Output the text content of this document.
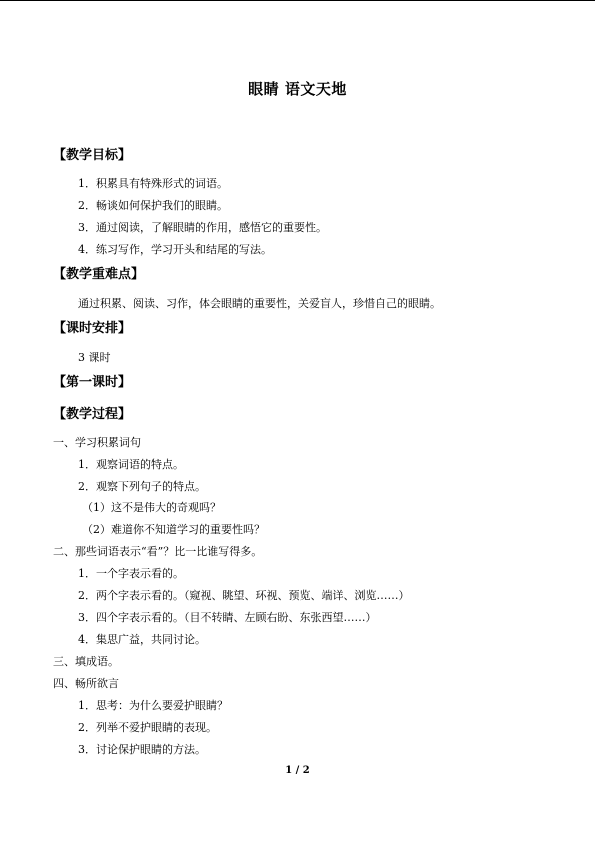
眼睛 语文天地
【教学目标】
1．积累具有特殊形式的词语。
2．畅谈如何保护我们的眼睛。
3．通过阅读，了解眼睛的作用，感悟它的重要性。
4．练习写作，学习开头和结尾的写法。
【教学重难点】
通过积累、阅读、习作，体会眼睛的重要性，关爱盲人，珍惜自己的眼睛。
【课时安排】
3 课时
【第一课时】
【教学过程】
一、学习积累词句
1．观察词语的特点。
2．观察下列句子的特点。
（1）这不是伟大的奇观吗？
（2）难道你不知道学习的重要性吗？
二、那些词语表示“看”？比一比谁写得多。
1．一个字表示看的。
2．两个字表示看的。（窥视、眺望、环视、预览、端详、浏览……）
3．四个字表示看的。（目不转睛、左顾右盼、东张西望……）
4．集思广益，共同讨论。
三、填成语。
四、畅所欲言
1．思考：为什么要爱护眼睛？
2．列举不爱护眼睛的表现。
3．讨论保护眼睛的方法。
1 / 2
